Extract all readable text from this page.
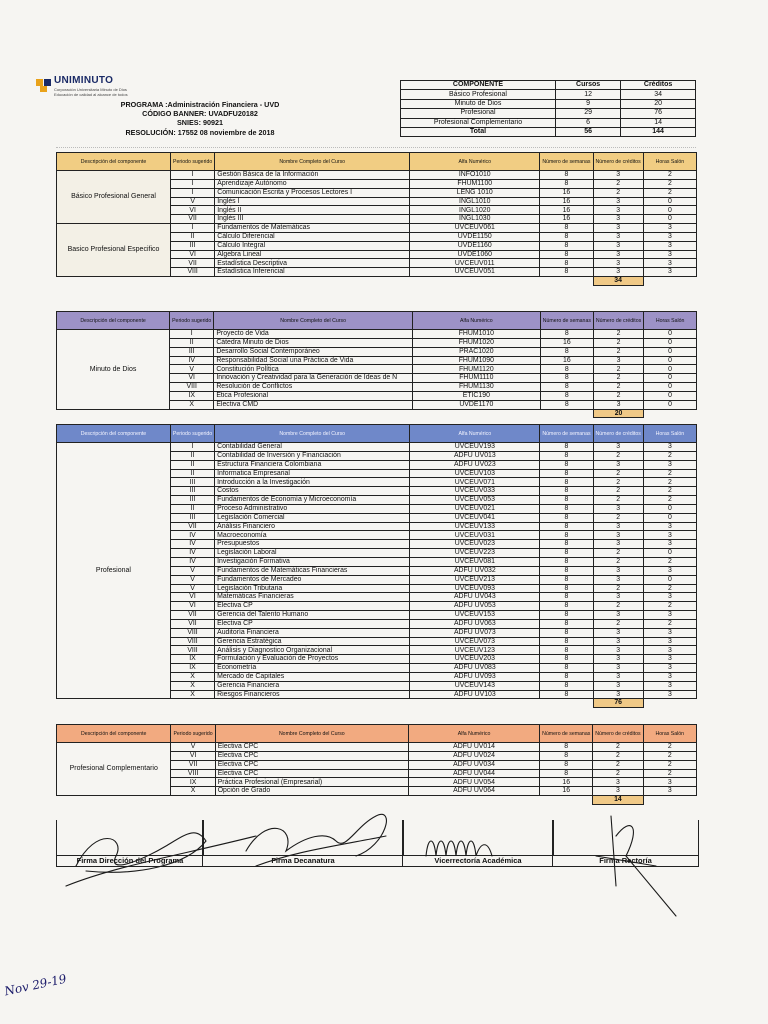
UNIMINUTO
Corporación Universitaria Minuto de Dios Educación de calidad al alcance de todos
PROGRAMA :Administración Financiera - UVD
CÓDIGO BANNER: UVADFU20182
SNIES: 90921
RESOLUCIÓN: 17552 08 noviembre de 2018
COMPONENTE	Cursos	Créditos
Básico Profesional	12	34
Minuto de Dios	9	20
Profesional	29	76
Profesional Complementario	6	14
Total	56	144
Descripción del componente	Periodo sugerido	Nombre Completo del Curso	Alfa Numérico	Número de semanas	Número de créditos	Horas Salón
Básico Profesional General	I	Gestión Básica de la Información	INFO1010	8	3	2
	I	Aprendizaje Autónomo	FHUM1100	8	2	2
	I	Comunicación Escrita y Procesos Lectores I	LENG 1010	16	2	2
	V	Inglés I	INGL1010	16	3	0
	VI	Inglés II	INGL1020	16	3	0
	VII	Inglés III	INGL1030	16	3	0
Basico Profesional Especifico	I	Fundamentos de Matemáticas	UVCEUV061	8	3	3
	II	Cálculo Diferencial	UVDE1150	8	3	3
	III	Cálculo Integral	UVDE1160	8	3	3
	VI	Álgebra Lineal	UVDE1060	8	3	3
	VII	Estadística Descriptiva	UVCEUV011	8	3	3
	VIII	Estadística Inferencial	UVCEUV051	8	3	3
					34	
Descripción del componente	Periodo sugerido	Nombre Completo del Curso	Alfa Numérico	Número de semanas	Número de créditos	Horas Salón
Minuto de Dios	I	Proyecto de Vida	FHUM1010	8	2	0
	II	Cátedra Minuto de Dios	FHUM1020	16	2	0
	III	Desarrollo Social Contemporáneo	PRAC1020	8	2	0
	IV	Responsabilidad Social una Práctica de Vida	FHUM1090	16	3	0
	V	Constitución Política	FHUM1120	8	2	0
	VI	Innovación y Creatividad para la Generación de Ideas de N	FHUM1110	8	2	0
	VIII	Resolución de Conflictos	FHUM1130	8	2	0
	IX	Ética Profesional	ETIC190	8	2	0
	X	Electiva CMD	UVDE1170	8	3	0
					20	
Descripción del componente	Periodo sugerido	Nombre Completo del Curso	Alfa Numérico	Número de semanas	Número de créditos	Horas Salón
Profesional	I	Contabilidad General	UVCEUV193	8	3	3
	II	Contabilidad de Inversión y Financiación	ADFU UV013	8	2	2
	II	Estructura Financiera Colombiana	ADFU UV023	8	3	3
	II	Informatica Empresarial	UVCEUV103	8	2	2
	III	Introducción a la Investigación	UVCEUV071	8	2	2
	III	Costos	UVCEUV033	8	2	2
	III	Fundamentos de Economía y Microeconomía	UVCEUV053	8	2	2
	II	Proceso Administrativo	UVCEUV021	8	3	0
	III	Legislación Comercial	UVCEUV041	8	2	0
	VII	Análisis Financiero	UVCEUV133	8	3	3
	IV	Macroeconomía	UVCEUV031	8	3	3
	IV	Presupuestos	UVCEUV023	8	3	3
	IV	Legislación Laboral	UVCEUV223	8	2	0
	IV	Investigación Formativa	UVCEUV081	8	2	2
	V	Fundamentos de Matemáticas Financieras	ADFU UV032	8	3	3
	V	Fundamentos de Mercadeo	UVCEUV213	8	3	0
	V	Legislación Tributaria	UVCEUV093	8	2	2
	VI	Matemáticas Financieras	ADFU UV043	8	3	3
	VI	Electiva CP	ADFU UV053	8	2	2
	VII	Gerencia del Talento Humano	UVCEUV153	8	3	3
	VII	Electiva CP	ADFU UV063	8	2	2
	VIII	Auditoría Financiera	ADFU UV073	8	3	3
	VIII	Gerencia Estratégica	UVCEUV073	8	3	3
	VIII	Análisis y Diagnostico Organizacional	UVCEUV123	8	3	3
	IX	Formulación y Evaluación de Proyectos	UVCEUV203	8	3	3
	IX	Econometría	ADFU UV083	8	3	3
	X	Mercado de Capitales	ADFU UV093	8	3	3
	X	Gerencia Financiera	UVCEUV143	8	3	3
	X	Riesgos Financieros	ADFU UV103	8	3	3
					76	
Descripción del componente	Periodo sugerido	Nombre Completo del Curso	Alfa Numérico	Número de semanas	Número de créditos	Horas Salón
Profesional Complementario	V	Electiva CPC	ADFU UV014	8	2	2
	VI	Electiva CPC	ADFU UV024	8	2	2
	VII	Electiva CPC	ADFU UV034	8	2	2
	VIII	Electiva CPC	ADFU UV044	8	2	2
	IX	Práctica Profesional (Empresarial)	ADFU UV054	16	3	3
	X	Opción de Grado	ADFU UV064	16	3	3
					14	
Firma Dirección del Programa	Firma Decanatura	Vicerrectoría Académica	Firma Rectoría
Nov 29-19
